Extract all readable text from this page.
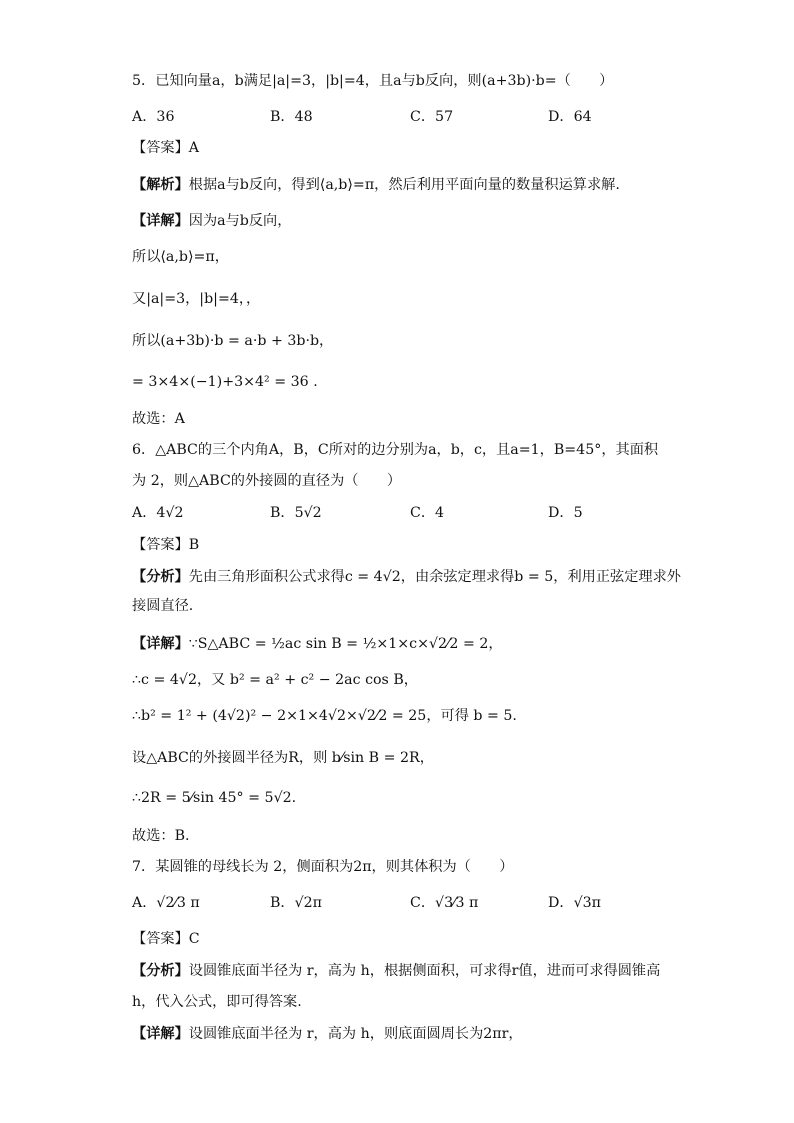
5．已知向量a，b满足|a|=3，|b|=4，且a与b反向，则(a+3b)·b=（　　）
A．36	B．48	C．57	D．64
【答案】A
【解析】根据a与b反向，得到⟨a,b⟩=π，然后利用平面向量的数量积运算求解.
【详解】因为a与b反向，
所以⟨a,b⟩=π，
又|a|=3，|b|=4，，
所以(a+3b)·b = a·b + 3b·b，
= 3×4×(−1)+3×4² = 36 .
故选：A
6．△ABC的三个内角A，B，C所对的边分别为a，b，c，且a=1，B=45°，其面积
为 2，则△ABC的外接圆的直径为（　　）
A．4√2	B．5√2	C．4	D．5
【答案】B
【分析】先由三角形面积公式求得c = 4√2，由余弦定理求得b = 5，利用正弦定理求外
接圆直径.
【详解】∵S△ABC = ½ac sin B = ½×1×c×√2⁄2 = 2，
∴c = 4√2，又 b² = a² + c² − 2ac cos B，
∴b² = 1² + (4√2)² − 2×1×4√2×√2⁄2 = 25，可得 b = 5.
设△ABC的外接圆半径为R，则 b⁄sin B = 2R，
∴2R = 5⁄sin 45° = 5√2.
故选：B.
7．某圆锥的母线长为 2，侧面积为2π，则其体积为（　　）
A．√2⁄3 π	B．√2π	C．√3⁄3 π	D．√3π
【答案】C
【分析】设圆锥底面半径为 r，高为 h，根据侧面积，可求得r值，进而可求得圆锥高
h，代入公式，即可得答案.
【详解】设圆锥底面半径为 r，高为 h，则底面圆周长为2πr，
